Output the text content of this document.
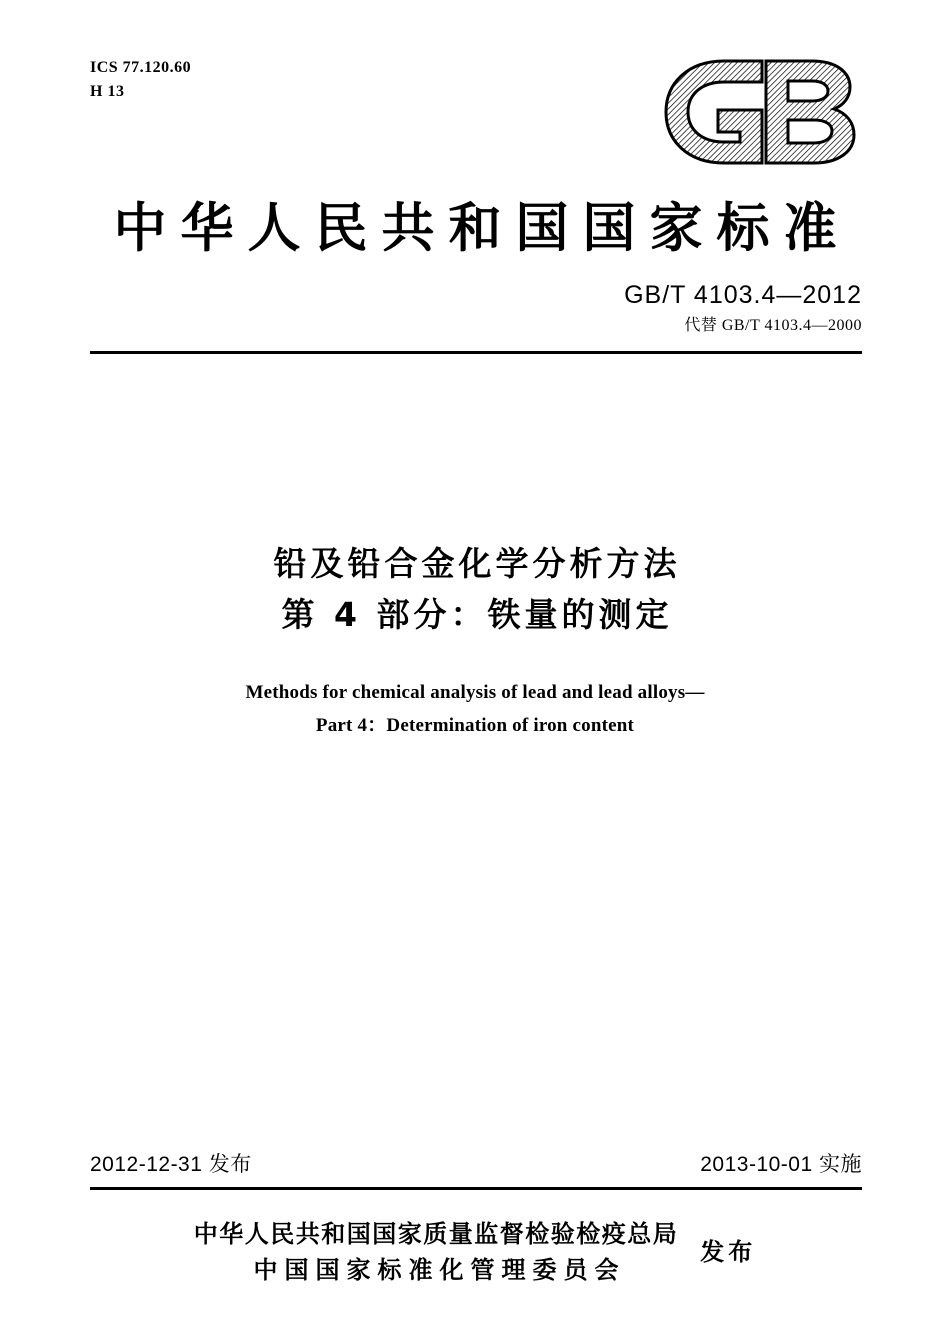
ICS 77.120.60
H 13
中华人民共和国国家标准
GB/T 4103.4—2012
代替 GB/T 4103.4—2000
铅及铅合金化学分析方法
第 4 部分：铁量的测定
Methods for chemical analysis of lead and lead alloys—
Part 4：Determination of iron content
2012-12-31 发布	2013-10-01 实施
中华人民共和国国家质量监督检验检疫总局
中国国家标准化管理委员会
发布
